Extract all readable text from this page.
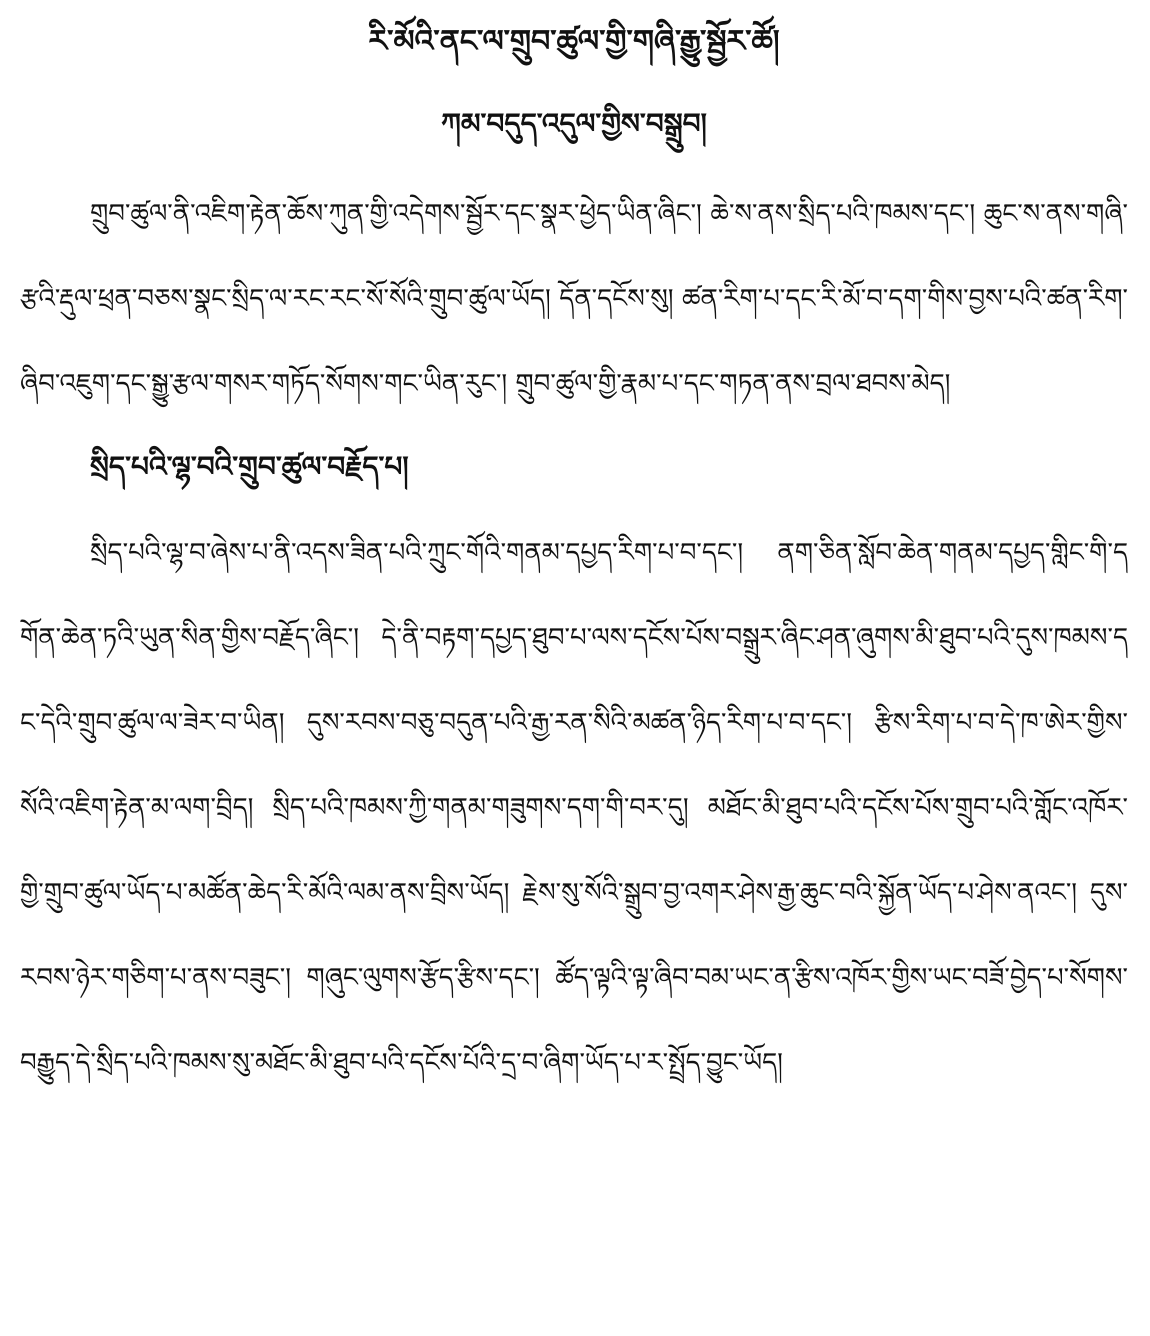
རི་མོའི་ནང་ལ་གྲུབ་ཚུལ་གྱི་གཞི་རྒྱུ་སྦྱོར་ཚོ།
ཀམ་བདུད་འདུལ་གྱིས་བསྒྲུབ།

གྲུབ་ཚུལ་ནི་འཇིག་རྟེན་ཆོས་ཀུན་གྱི་འདེགས་སྦྱོར་དང་སྣར་ཕྱེད་ཡིན་ཞིང་། ཆེ་ས་ནས་སྲིད་པའི་ཁམས་དང་། ཆུང་ས་ནས་གཞི་རྩའི་རྡུལ་ཕྲན་བཅས་སྣང་སྲིད་ལ་རང་རང་སོ་སོའི་གྲུབ་ཚུལ་ཡོད། དོན་དངོས་སུ། ཚན་རིག་པ་དང་རི་མོ་བ་དག་གིས་བྱས་པའི་ཚན་རིག་ཞིབ་འཇུག་དང་སྒྱུ་རྩལ་གསར་གཏོད་སོགས་གང་ཡིན་རུང་། གྲུབ་ཚུལ་གྱི་རྣམ་པ་དང་གཏན་ནས་བྲལ་ཐབས་མེད།

སྲིད་པའི་ལྷ་བའི་གྲུབ་ཚུལ་བརྗོད་པ།

སྲིད་པའི་ལྷ་བ་ཞེས་པ་ནི་འདས་ཟིན་པའི་ཀྲུང་གོའི་གནམ་དཔྱད་རིག་པ་བ་དང་། ནག་ཅིན་སློབ་ཆེན་གནམ་དཔྱད་གླིང་གི་དགོན་ཆེན་ཏའི་ཡུན་སིན་གྱིས་བརྗོད་ཞིང་། དེ་ནི་བརྟག་དཔྱད་ཐུབ་པ་ལས་དངོས་པོས་བསྒྲུར་ཞིང་ཤན་ཞུགས་མི་ཐུབ་པའི་དུས་ཁམས་དང་དེའི་གྲུབ་ཚུལ་ལ་ཟེར་བ་ཡིན། དུས་རབས་བཅུ་བདུན་པའི་རྒྱ་རན་སིའི་མཚན་ཉིད་རིག་པ་བ་དང་། རྩིས་རིག་པ་བ་དེ་ཁ་ཨེར་གྱིས་སོའི་འཇིག་རྟེན་མ་ལག་བྲིད། སྲིད་པའི་ཁམས་ཀྱི་གནམ་གཟུགས་དག་གི་བར་དུ། མཐོང་མི་ཐུབ་པའི་དངོས་པོས་གྲུབ་པའི་གློང་འཁོར་གྱི་གྲུབ་ཚུལ་ཡོད་པ་མཚོན་ཆེད་རི་མོའི་ལམ་ནས་བྲིས་ཡོད། རྗེས་སུ་སོའི་སྒྲུབ་བྱ་འགར་ཤེས་རྒྱ་ཆུང་བའི་སྐྱོན་ཡོད་པ་ཤེས་ནའང་། དུས་རབས་ཉེར་གཅིག་པ་ནས་བཟུང་། གཞུང་ལུགས་རྩོད་རྩིས་དང་། ཚོད་ལྟའི་ལྟ་ཞིབ་བམ་ཡང་ན་རྩིས་འཁོར་གྱིས་ཡང་བཟོ་བྱེད་པ་སོགས་བརྒྱུད་དེ་སྲིད་པའི་ཁམས་སུ་མཐོང་མི་ཐུབ་པའི་དངོས་པོའི་དྲ་བ་ཞིག་ཡོད་པ་ར་སྤྲོད་བྱུང་ཡོད།
